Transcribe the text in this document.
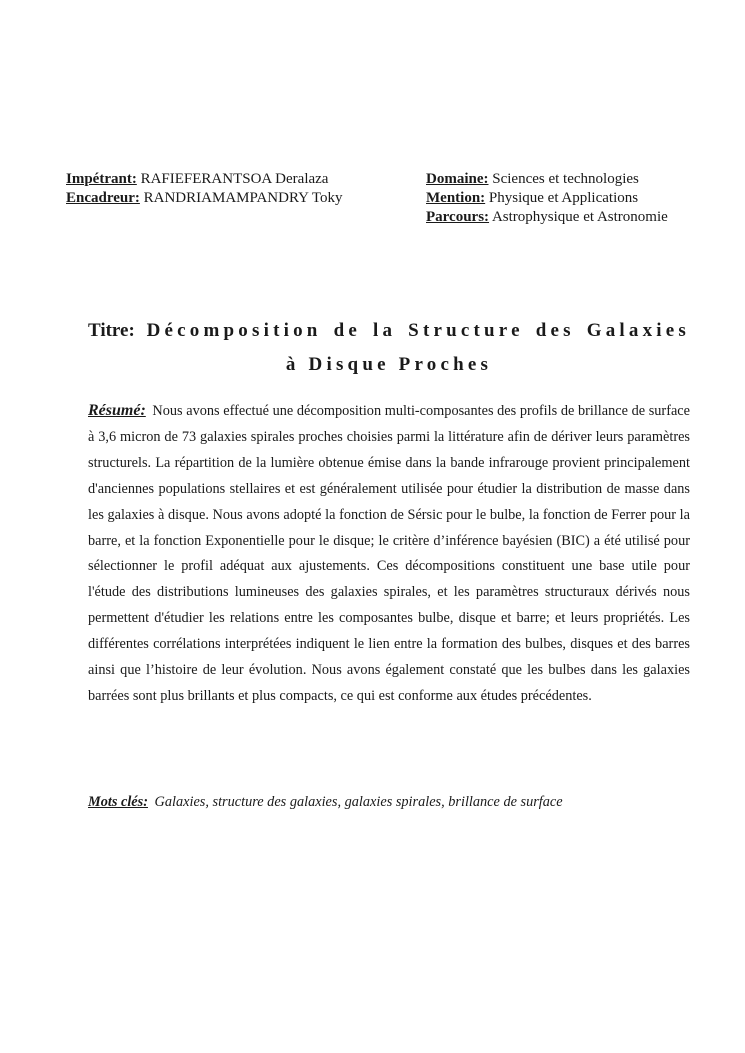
Impétrant: RAFIEFERANTSOA Deralaza
Encadreur: RANDRIAMAMPANDRY Toky
Domaine: Sciences et technologies
Mention: Physique et Applications
Parcours: Astrophysique et Astronomie
Titre: Décomposition de la Structure des Galaxies à Disque Proches
Résumé: Nous avons effectué une décomposition multi-composantes des profils de brillance de surface à 3,6 micron de 73 galaxies spirales proches choisies parmi la littérature afin de dériver leurs paramètres structurels. La répartition de la lumière obtenue émise dans la bande infrarouge provient principalement d'anciennes populations stellaires et est généralement utilisée pour étudier la distribution de masse dans les galaxies à disque. Nous avons adopté la fonction de Sérsic pour le bulbe, la fonction de Ferrer pour la barre, et la fonction Exponentielle pour le disque; le critère d’inférence bayésien (BIC) a été utilisé pour sélectionner le profil adéquat aux ajustements. Ces décompositions constituent une base utile pour l'étude des distributions lumineuses des galaxies spirales, et les paramètres structuraux dérivés nous permettent d'étudier les relations entre les composantes bulbe, disque et barre; et leurs propriétés. Les différentes corrélations interprétées indiquent le lien entre la formation des bulbes, disques et des barres ainsi que l’histoire de leur évolution. Nous avons également constaté que les bulbes dans les galaxies barrées sont plus brillants et plus compacts, ce qui est conforme aux études précédentes.
Mots clés: Galaxies, structure des galaxies, galaxies spirales, brillance de surface
